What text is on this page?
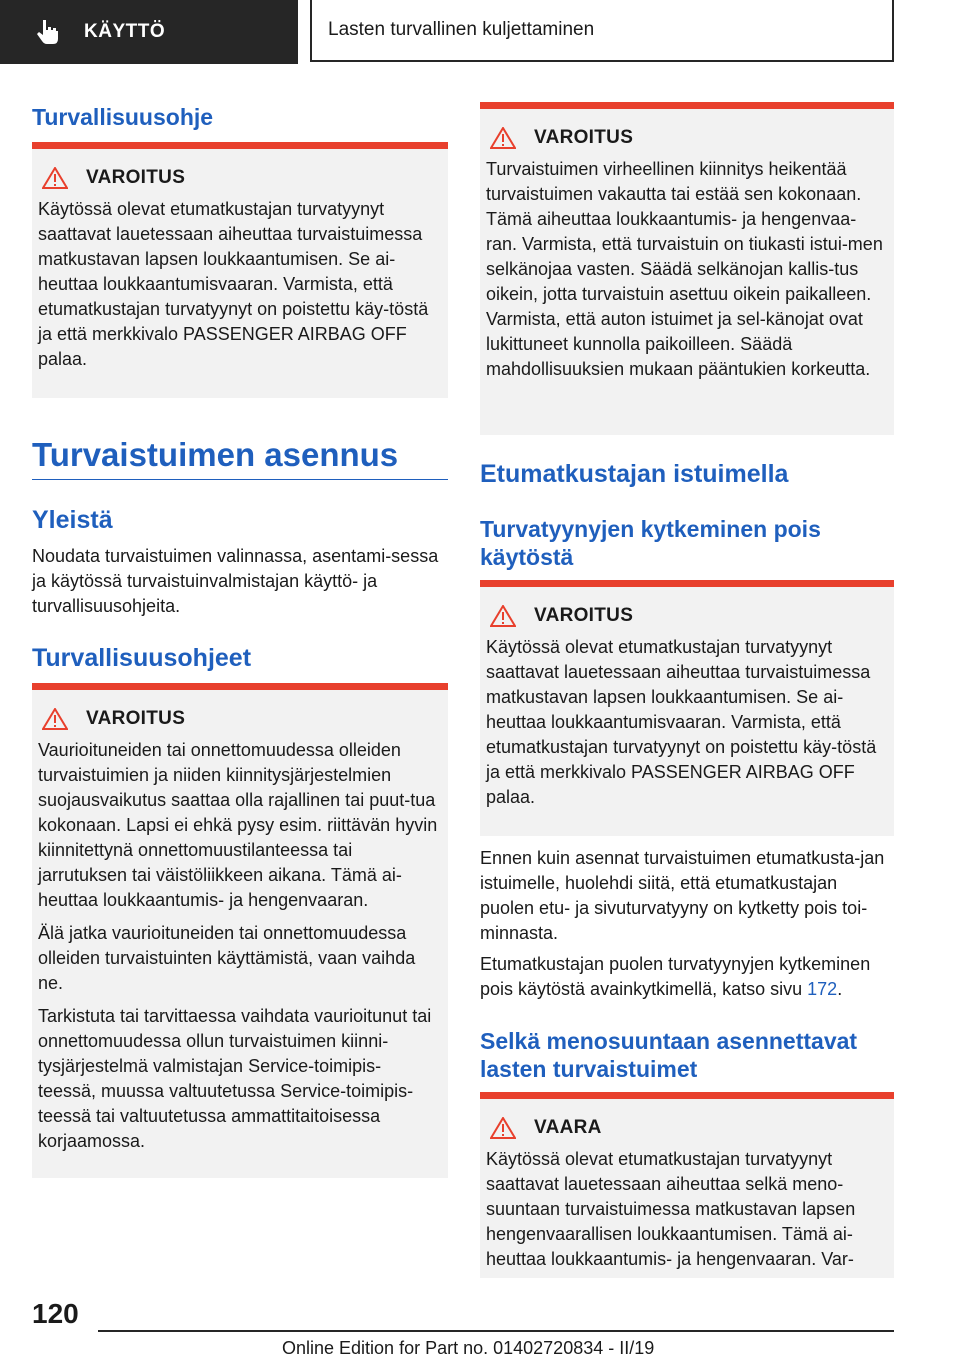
KÄYTTÖ	Lasten turvallinen kuljettaminen
Turvallisuusohje
VAROITUS

Käytössä olevat etumatkustajan turvatyynyt saattavat lauetessaan aiheuttaa turvaistuimessa matkustavan lapsen loukkaantumisen. Se ai-heuttaa loukkaantumisvaaran. Varmista, että etumatkustajan turvatyynyt on poistettu käy-töstä ja että merkkivalo PASSENGER AIRBAG OFF palaa.

Turvaistuimen asennus
Yleistä

Noudata turvaistuimen valinnassa, asentami-sessa ja käytössä turvaistuinvalmistajan käyttö- ja turvallisuusohjeita.

Turvallisuusohjeet
VAROITUS

Vaurioituneiden tai onnettomuudessa olleiden turvaistuimien ja niiden kiinnitysjärjestelmien suojausvaikutus saattaa olla rajallinen tai puut-tua kokonaan. Lapsi ei ehkä pysy esim. riittävän hyvin kiinnitettynä onnettomuustilanteessa tai jarrutuksen tai väistöliikkeen aikana. Tämä ai-heuttaa loukkaantumis- ja hengenvaaran.

Älä jatka vaurioituneiden tai onnettomuudessa olleiden turvaistuinten käyttämistä, vaan vaihda ne.

Tarkistuta tai tarvittaessa vaihdata vaurioitunut tai onnettomuudessa ollun turvaistuimen kiinni-tysjärjestelmä valmistajan Service-toimipis-teessä, muussa valtuutetussa Service-toimipis-teessä tai valtuutetussa ammattitaitoisessa korjaamossa.

VAROITUS

Turvaistuimen virheellinen kiinnitys heikentää turvaistuimen vakautta tai estää sen kokonaan. Tämä aiheuttaa loukkaantumis- ja hengenvaa-ran. Varmista, että turvaistuin on tiukasti istui-men selkänojaa vasten. Säädä selkänojan kallis-tus oikein, jotta turvaistuin asettuu oikein paikalleen. Varmista, että auton istuimet ja sel-känojat ovat lukittuneet kunnolla paikoilleen. Säädä mahdollisuuksien mukaan pääntukien korkeutta.

Etumatkustajan istuimella
Turvatyynyjen kytkeminen pois käytöstä
VAROITUS

Käytössä olevat etumatkustajan turvatyynyt saattavat lauetessaan aiheuttaa turvaistuimessa matkustavan lapsen loukkaantumisen. Se ai-heuttaa loukkaantumisvaaran. Varmista, että etumatkustajan turvatyynyt on poistettu käy-töstä ja että merkkivalo PASSENGER AIRBAG OFF palaa.

Ennen kuin asennat turvaistuimen etumatkusta-jan istuimelle, huolehdi siitä, että etumatkustajan puolen etu- ja sivuturvatyyny on kytketty pois toi-minnasta.

Etumatkustajan puolen turvatyynyjen kytkeminen pois käytöstä avainkytkimellä, katso sivu 172.

Selkä menosuuntaan asennettavat lasten turvaistuimet
VAARA

Käytössä olevat etumatkustajan turvatyynyt saattavat lauetessaan aiheuttaa selkä meno-suuntaan turvaistuimessa matkustavan lapsen hengenvaarallisen loukkaantumisen. Tämä ai-heuttaa loukkaantumis- ja hengenvaaran. Var-

120
Online Edition for Part no. 01402720834 - II/19
